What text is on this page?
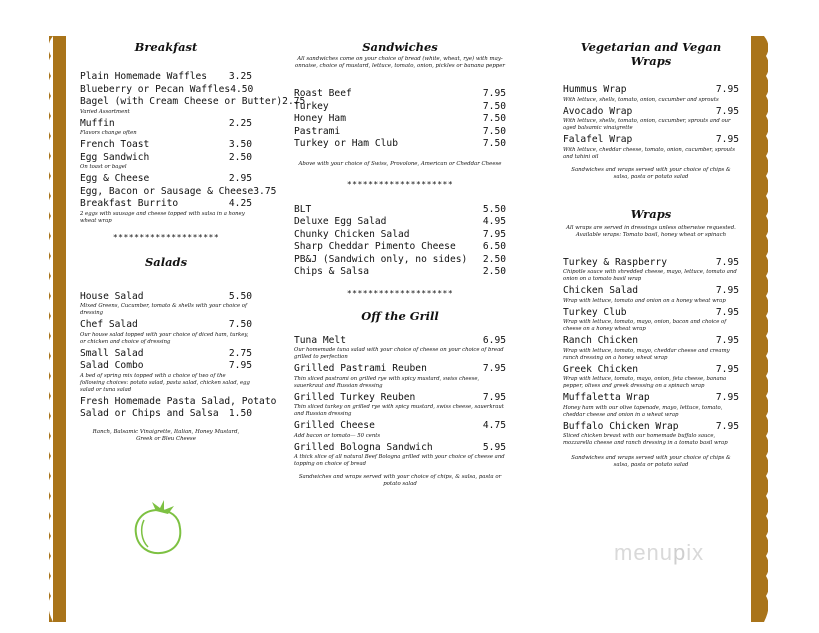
Breakfast
Plain Homemade Waffles 3.25
Blueberry or Pecan Waffles 4.50
Bagel (with Cream Cheese or Butter) 2.75

Varied Assortment

Muffin	2.25

Flavors change often

French Toast	3.50
Egg Sandwich	2.50

On toast or bagel

Egg & Cheese	2.95
Egg, Bacon or Sausage & Cheese 3.75
Breakfast Burrito	4.25

2 eggs with sausage and cheese topped with salsa in a honey wheat wrap

********************
Salads
House Salad	5.50

Mixed Greens, Cucumber, tomato & shells with your choice of dressing

Chef Salad	7.50

Our house salad topped with your choice of diced ham, turkey, or chicken and choice of dressing

Small Salad	2.75
Salad Combo	7.95

A bed of spring mix topped with a choice of two of the following choices: potato salad, pasta salad, chicken salad, egg salad or tuna salad

Fresh Homemade Pasta Salad, Potato
Salad or Chips and Salsa 1.50

Ranch, Balsamic Vinaigrette, Italian, Honey Mustard, Greek or Bleu Cheese

Sandwiches

All sandwiches come on your choice of bread (white, wheat, rye) with may-onnaise, choice of mustard, lettuce, tomato, onion, pickles or banana pepper

Roast Beef	7.95
Turkey	7.50
Honey Ham	7.50
Pastrami	7.50
Turkey or Ham Club	7.50

Above with your choice of Swiss, Provolone, American or Cheddar Cheese

********************
BLT	5.50
Deluxe Egg Salad	4.95
Chunky Chicken Salad	7.95
Sharp Cheddar Pimento Cheese	6.50
PB&J (Sandwich only, no sides) 2.50
Chips & Salsa	2.50
********************
Off the Grill
Tuna Melt	6.95

Our homemade tuna salad with your choice of cheese on your choice of bread grilled to perfection

Grilled Pastrami Reuben	7.95

Thin sliced pastrami on grilled rye with spicy mustard, swiss cheese, sauerkraut and Russian dressing

Grilled Turkey Reuben	7.95

Thin sliced turkey on grilled rye with spicy mustard, swiss cheese, sauerkraut and Russian dressing

Grilled Cheese	4.75

Add bacon or tomato— 50 cents

Grilled Bologna Sandwich	5.95

A thick slice of all natural Beef Bologna grilled with your choice of cheese and topping on choice of bread

Sandwiches and wraps served with your choice of chips, & salsa, pasta or potato salad

Vegetarian and Vegan Wraps
Hummus Wrap	7.95

With lettuce, shells, tomato, onion, cucumber and sprouts

Avocado Wrap	7.95

With lettuce, shells, tomato, onion, cucumber, sprouts and our aged balsamic vinaigrette

Falafel Wrap	7.95

With lettuce, cheddar cheese, tomato, onion, cucumber, sprouts and tahini oil

Sandwiches and wraps served with your choice of chips & salsa, pasta or potato salad

Wraps

All wraps are served in dressings unless otherwise requested. Available wraps: Tomato basil, honey wheat or spinach

Turkey & Raspberry	7.95

Chipotle sauce with shredded cheese, mayo, lettuce, tomato and onion on a tomato basil wrap

Chicken Salad	7.95

Wrap with lettuce, tomato and onion on a honey wheat wrap

Turkey Club	7.95

Wrap with lettuce, tomato, mayo, onion, bacon and choice of cheese on a honey wheat wrap

Ranch Chicken	7.95

Wrap with lettuce, tomato, mayo, cheddar cheese and creamy ranch dressing on a honey wheat wrap

Greek Chicken	7.95

Wrap with lettuce, tomato, mayo, onion, feta cheese, banana pepper, olives and greek dressing on a spinach wrap

Muffaletta Wrap	7.95

Honey ham with our olive tapenade, mayo, lettuce, tomato, cheddar cheese and onion in a wheat wrap

Buffalo Chicken Wrap	7.95

Sliced chicken breast with our homemade buffalo sauce, mozzarella cheese and ranch dressing in a tomato basil wrap

Sandwiches and wraps served with your choice of chips & salsa, pasta or potato salad

menupix
